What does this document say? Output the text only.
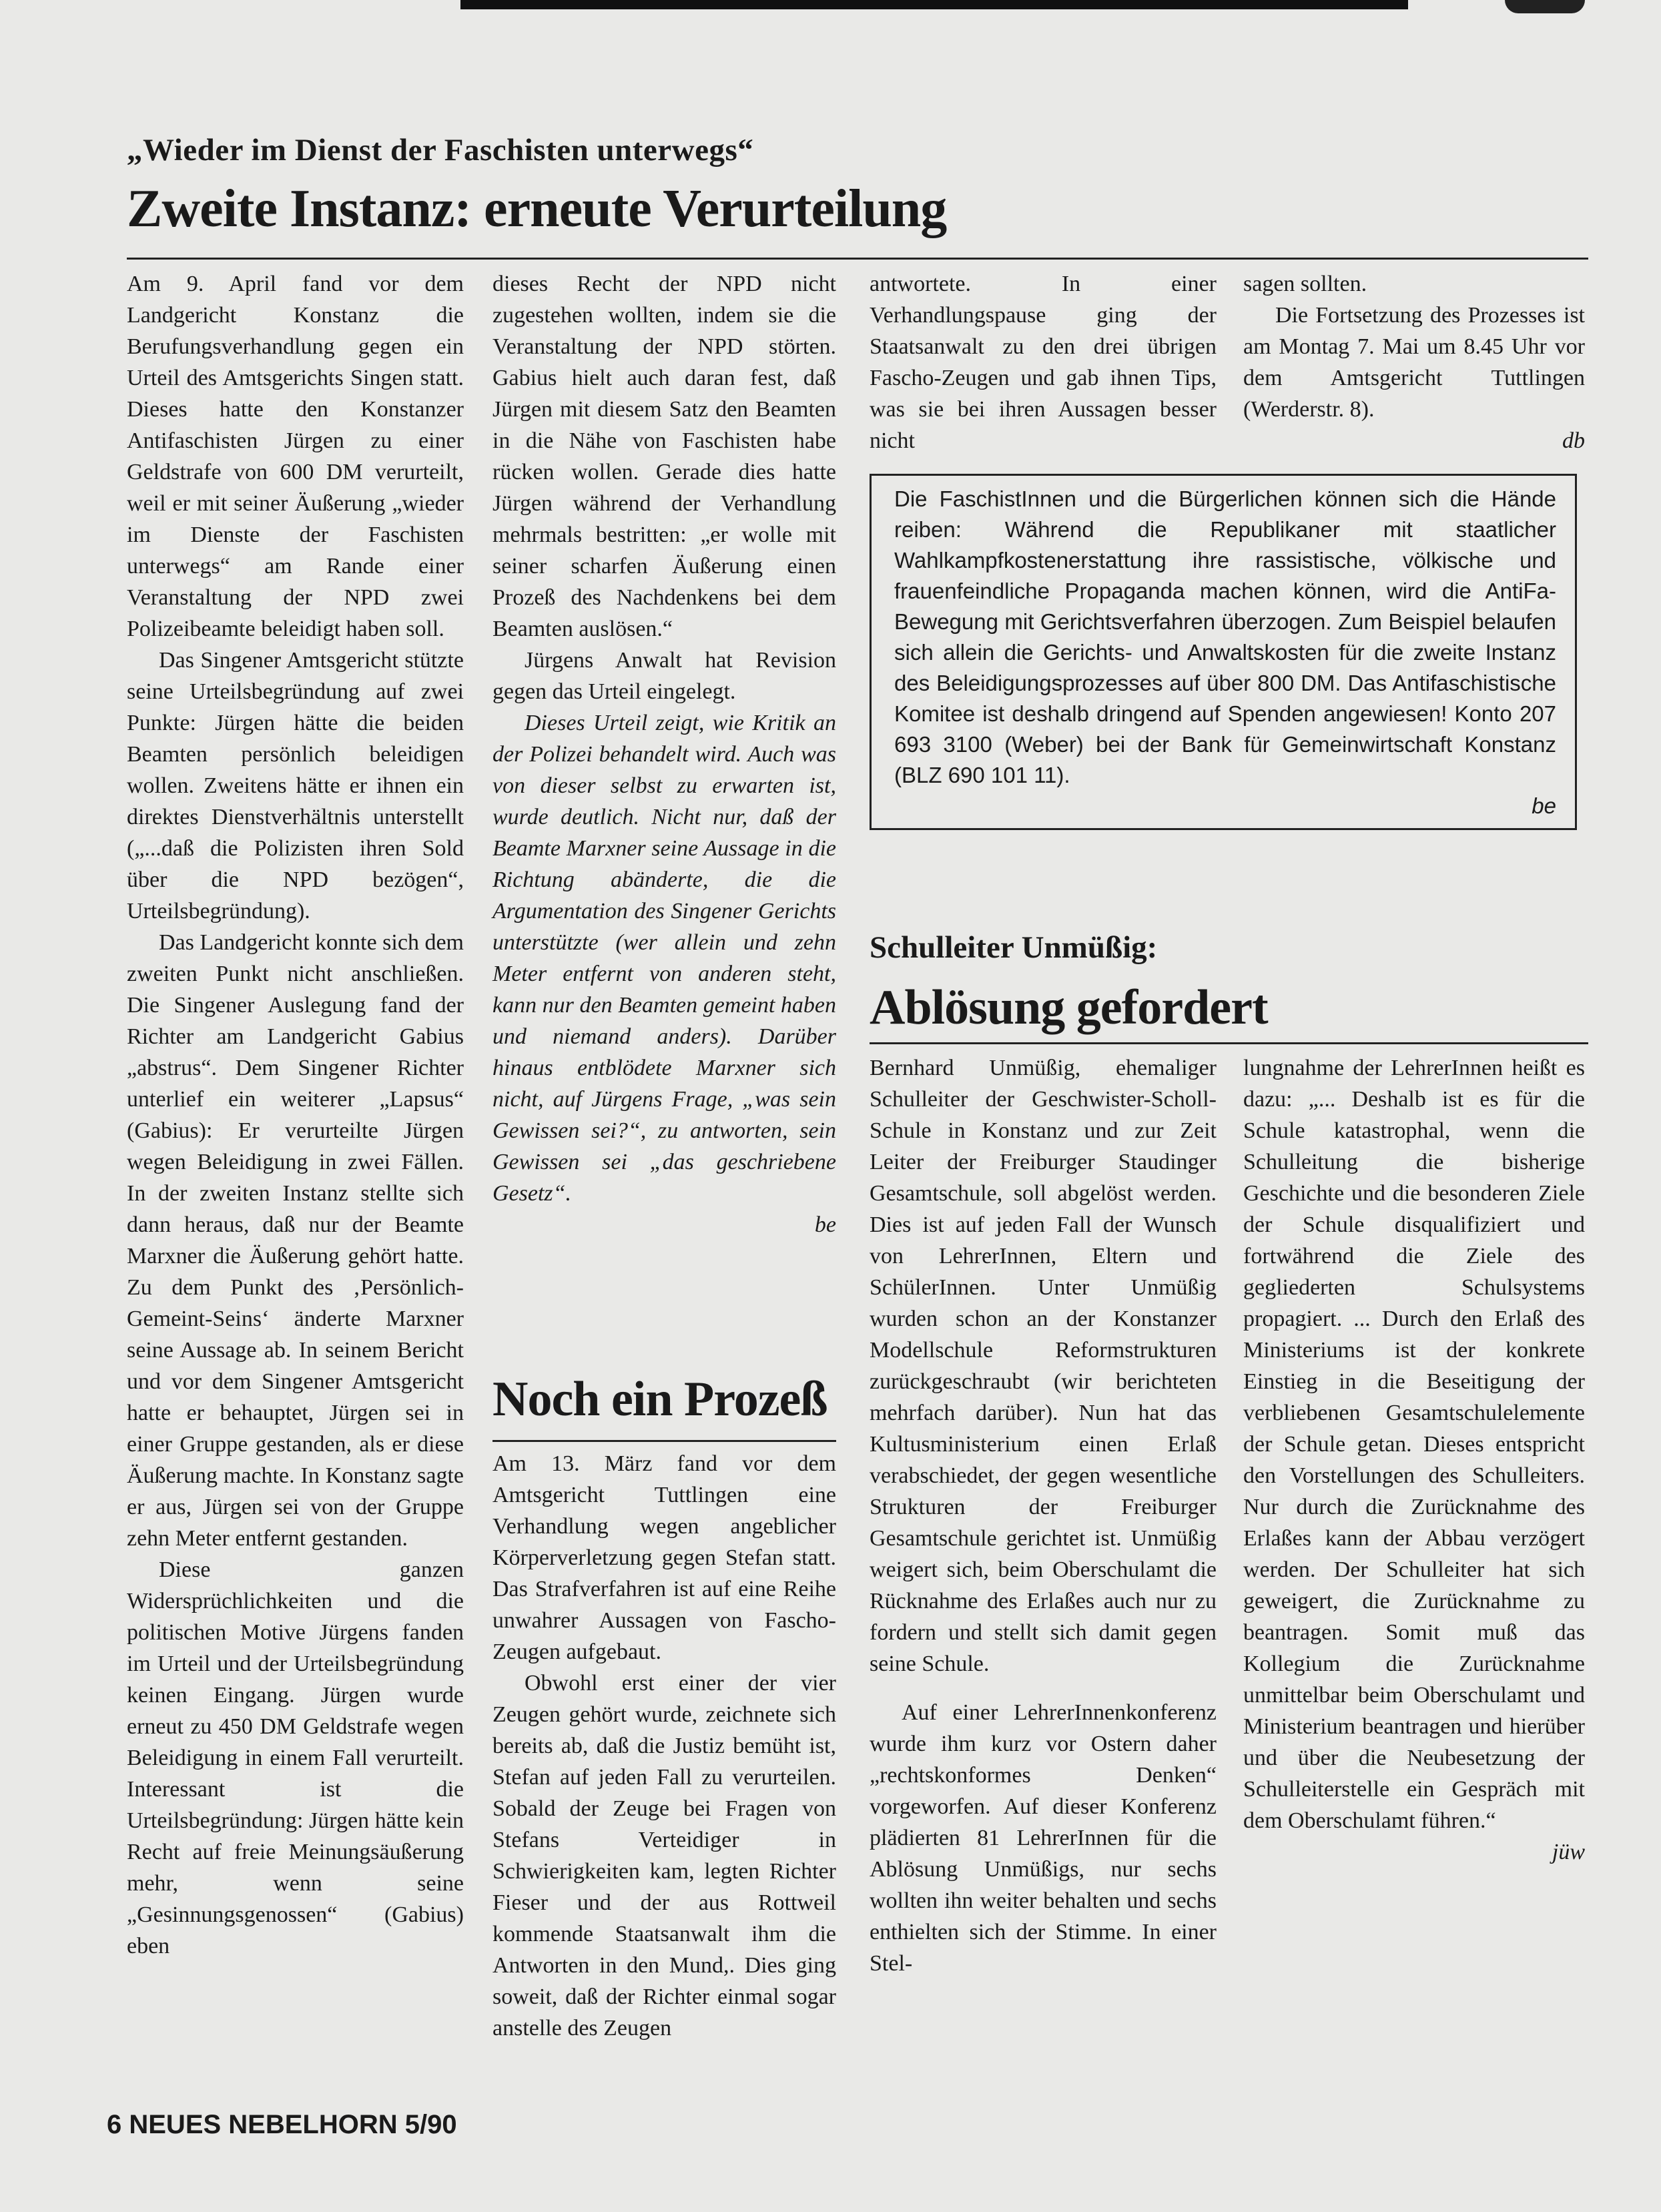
„Wieder im Dienst der Faschisten unterwegs“
Zweite Instanz: erneute Verurteilung

Am 9. April fand vor dem Landgericht Konstanz die Berufungsverhandlung gegen ein Urteil des Amtsgerichts Singen statt. Dieses hatte den Konstanzer Antifaschisten Jürgen zu einer Geldstrafe von 600 DM verurteilt, weil er mit seiner Äußerung „wieder im Dienste der Faschisten unterwegs“ am Rande einer Veranstaltung der NPD zwei Polizeibeamte beleidigt haben soll.

Das Singener Amtsgericht stützte seine Urteilsbegründung auf zwei Punkte: Jürgen hätte die beiden Beamten persönlich beleidigen wollen. Zweitens hätte er ihnen ein direktes Dienstverhältnis unterstellt („...daß die Polizisten ihren Sold über die NPD bezögen“, Urteilsbegründung).

Das Landgericht konnte sich dem zweiten Punkt nicht anschließen. Die Singener Auslegung fand der Richter am Landgericht Gabius „abstrus“. Dem Singener Richter unterlief ein weiterer „Lapsus“ (Gabius): Er verurteilte Jürgen wegen Beleidigung in zwei Fällen. In der zweiten Instanz stellte sich dann heraus, daß nur der Beamte Marxner die Äußerung gehört hatte. Zu dem Punkt des ‚Persönlich-Gemeint-Seins‘ änderte Marxner seine Aussage ab. In seinem Bericht und vor dem Singener Amtsgericht hatte er behauptet, Jürgen sei in einer Gruppe gestanden, als er diese Äußerung machte. In Konstanz sagte er aus, Jürgen sei von der Gruppe zehn Meter entfernt gestanden.

Diese ganzen Widersprüchlichkeiten und die politischen Motive Jürgens fanden im Urteil und der Urteilsbegründung keinen Eingang. Jürgen wurde erneut zu 450 DM Geldstrafe wegen Beleidigung in einem Fall verurteilt. Interessant ist die Urteilsbegründung: Jürgen hätte kein Recht auf freie Meinungsäußerung mehr, wenn seine „Gesinnungsgenossen“ (Gabius) eben

dieses Recht der NPD nicht zugestehen wollten, indem sie die Veranstaltung der NPD störten. Gabius hielt auch daran fest, daß Jürgen mit diesem Satz den Beamten in die Nähe von Faschisten habe rücken wollen. Gerade dies hatte Jürgen während der Verhandlung mehrmals bestritten: „er wolle mit seiner scharfen Äußerung einen Prozeß des Nachdenkens bei dem Beamten auslösen.“

Jürgens Anwalt hat Revision gegen das Urteil eingelegt.

Dieses Urteil zeigt, wie Kritik an der Polizei behandelt wird. Auch was von dieser selbst zu erwarten ist, wurde deutlich. Nicht nur, daß der Beamte Marxner seine Aussage in die Richtung abänderte, die die Argumentation des Singener Gerichts unterstützte (wer allein und zehn Meter entfernt von anderen steht, kann nur den Beamten gemeint haben und niemand anders). Darüber hinaus entblödete Marxner sich nicht, auf Jürgens Frage, „was sein Gewissen sei?“, zu antworten, sein Gewissen sei „das geschriebene Gesetz“.

be

Noch ein Prozeß

Am 13. März fand vor dem Amtsgericht Tuttlingen eine Verhandlung wegen angeblicher Körperverletzung gegen Stefan statt. Das Strafverfahren ist auf eine Reihe unwahrer Aussagen von Fascho-Zeugen aufgebaut.

Obwohl erst einer der vier Zeugen gehört wurde, zeichnete sich bereits ab, daß die Justiz bemüht ist, Stefan auf jeden Fall zu verurteilen. Sobald der Zeuge bei Fragen von Stefans Verteidiger in Schwierigkeiten kam, legten Richter Fieser und der aus Rottweil kommende Staatsanwalt ihm die Antworten in den Mund,. Dies ging soweit, daß der Richter einmal sogar anstelle des Zeugen

antwortete. In einer Verhandlungspause ging der Staatsanwalt zu den drei übrigen Fascho-Zeugen und gab ihnen Tips, was sie bei ihren Aussagen besser nicht

sagen sollten.

Die Fortsetzung des Prozesses ist am Montag 7. Mai um 8.45 Uhr vor dem Amtsgericht Tuttlingen (Werderstr. 8).

db

Die FaschistInnen und die Bürgerlichen können sich die Hände reiben: Während die Republikaner mit staatlicher Wahlkampfkostenerstattung ihre rassistische, völkische und frauenfeindliche Propaganda machen können, wird die AntiFa-Bewegung mit Gerichtsverfahren überzogen. Zum Beispiel belaufen sich allein die Gerichts- und Anwaltskosten für die zweite Instanz des Beleidigungsprozesses auf über 800 DM. Das Antifaschistische Komitee ist deshalb dringend auf Spenden angewiesen! Konto 207 693 3100 (Weber) bei der Bank für Gemeinwirtschaft Konstanz (BLZ 690 101 11).

be

Schulleiter Unmüßig:
Ablösung gefordert

Bernhard Unmüßig, ehemaliger Schulleiter der Geschwister-Scholl-Schule in Konstanz und zur Zeit Leiter der Freiburger Staudinger Gesamtschule, soll abgelöst werden. Dies ist auf jeden Fall der Wunsch von LehrerInnen, Eltern und SchülerInnen. Unter Unmüßig wurden schon an der Konstanzer Modellschule Reformstrukturen zurückgeschraubt (wir berichteten mehrfach darüber). Nun hat das Kultusministerium einen Erlaß verabschiedet, der gegen wesentliche Strukturen der Freiburger Gesamtschule gerichtet ist. Unmüßig weigert sich, beim Oberschulamt die Rücknahme des Erlaßes auch nur zu fordern und stellt sich damit gegen seine Schule.

Auf einer LehrerInnenkonferenz wurde ihm kurz vor Ostern daher „rechtskonformes Denken“ vorgeworfen. Auf dieser Konferenz plädierten 81 LehrerInnen für die Ablösung Unmüßigs, nur sechs wollten ihn weiter behalten und sechs enthielten sich der Stimme. In einer Stel-

lungnahme der LehrerInnen heißt es dazu: „... Deshalb ist es für die Schule katastrophal, wenn die Schulleitung die bisherige Geschichte und die besonderen Ziele der Schule disqualifiziert und fortwährend die Ziele des gegliederten Schulsystems propagiert. ... Durch den Erlaß des Ministeriums ist der konkrete Einstieg in die Beseitigung der verbliebenen Gesamtschulelemente der Schule getan. Dieses entspricht den Vorstellungen des Schulleiters. Nur durch die Zurücknahme des Erlaßes kann der Abbau verzögert werden. Der Schulleiter hat sich geweigert, die Zurücknahme zu beantragen. Somit muß das Kollegium die Zurücknahme unmittelbar beim Oberschulamt und Ministerium beantragen und hierüber und über die Neubesetzung der Schulleiterstelle ein Gespräch mit dem Oberschulamt führen.“

jüw

6 NEUES NEBELHORN 5/90
